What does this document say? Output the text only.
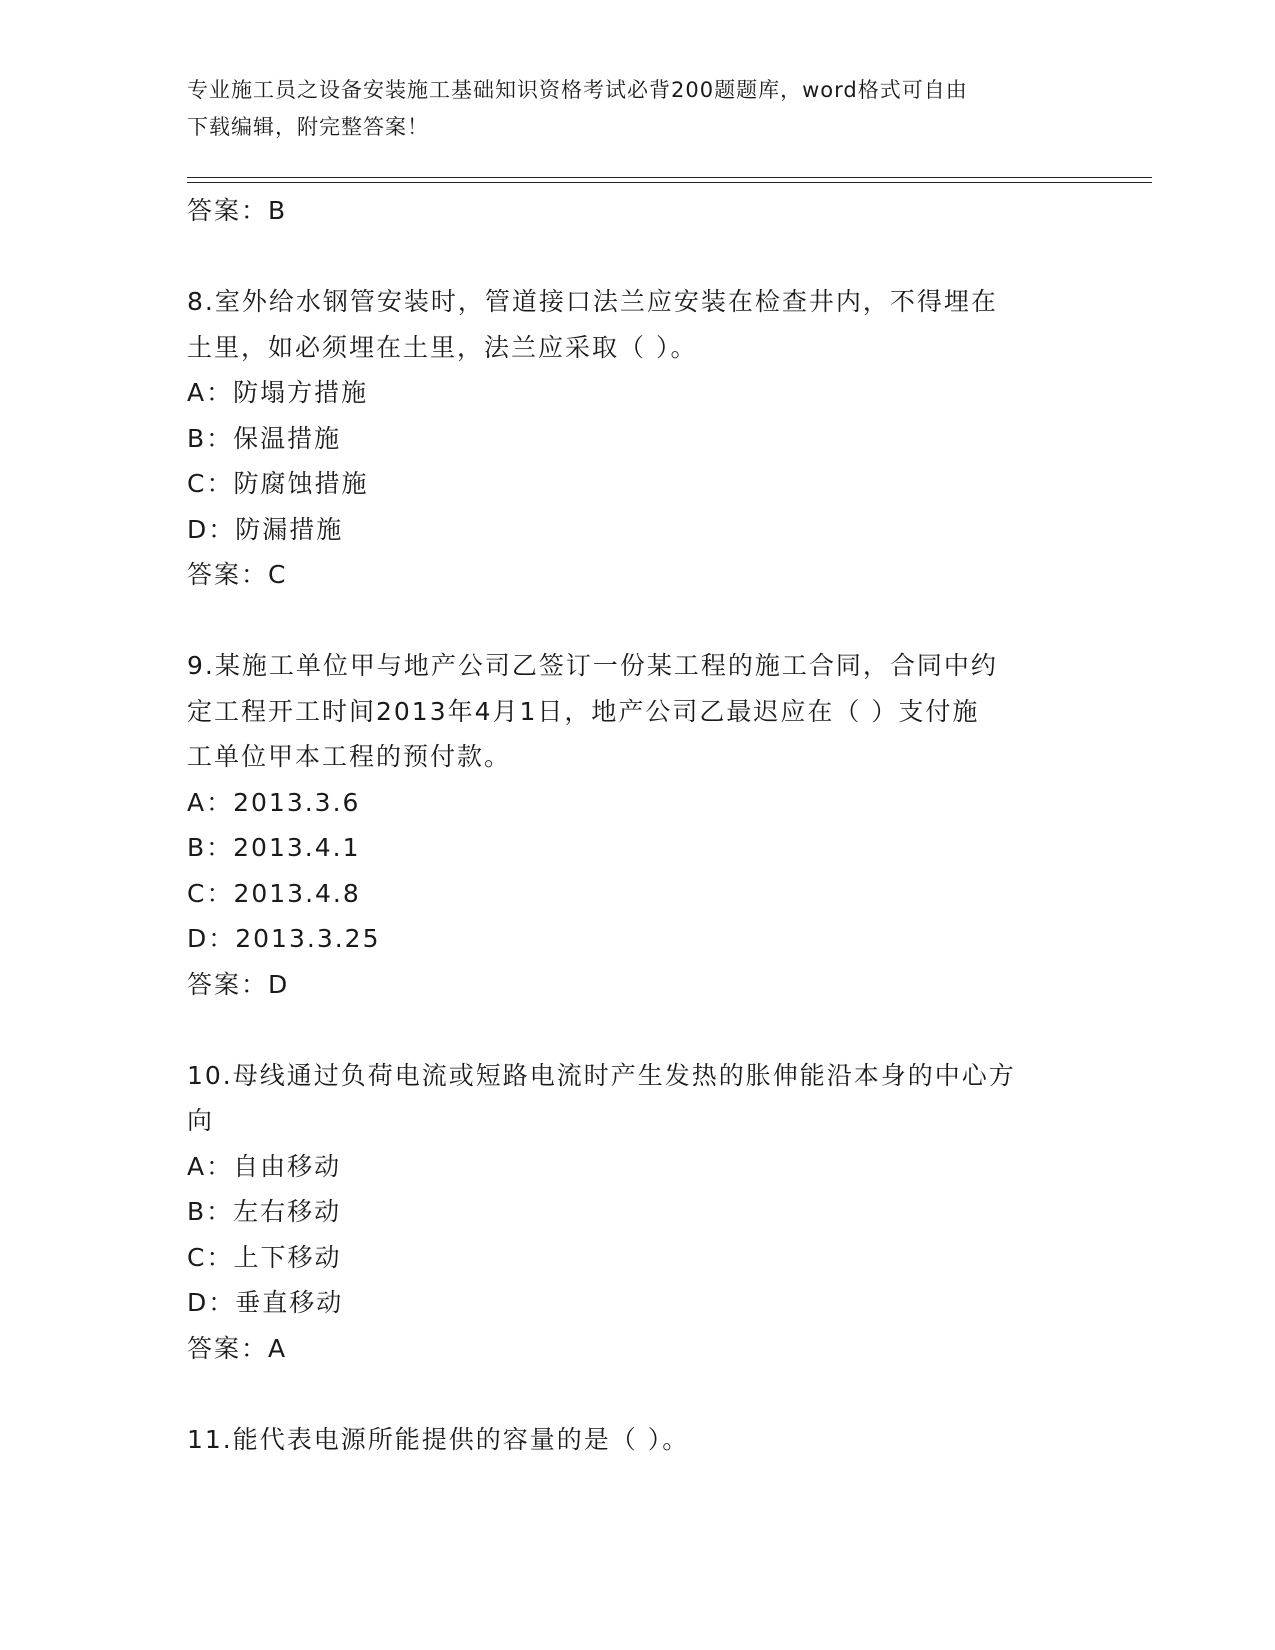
专业施工员之设备安装施工基础知识资格考试必背200题题库，word格式可自由
下载编辑，附完整答案！
答案：B
8.室外给水钢管安装时，管道接口法兰应安装在检查井内，不得埋在
土里，如必须埋在土里，法兰应采取（ ）。
A：防塌方措施
B：保温措施
C：防腐蚀措施
D：防漏措施
答案：C
9.某施工单位甲与地产公司乙签订一份某工程的施工合同，合同中约
定工程开工时间2013年4月1日，地产公司乙最迟应在（ ）支付施
工单位甲本工程的预付款。
A：2013.3.6
B：2013.4.1
C：2013.4.8
D：2013.3.25
答案：D
10.母线通过负荷电流或短路电流时产生发热的胀伸能沿本身的中心方
向
A：自由移动
B：左右移动
C：上下移动
D：垂直移动
答案：A
11.能代表电源所能提供的容量的是（ ）。
